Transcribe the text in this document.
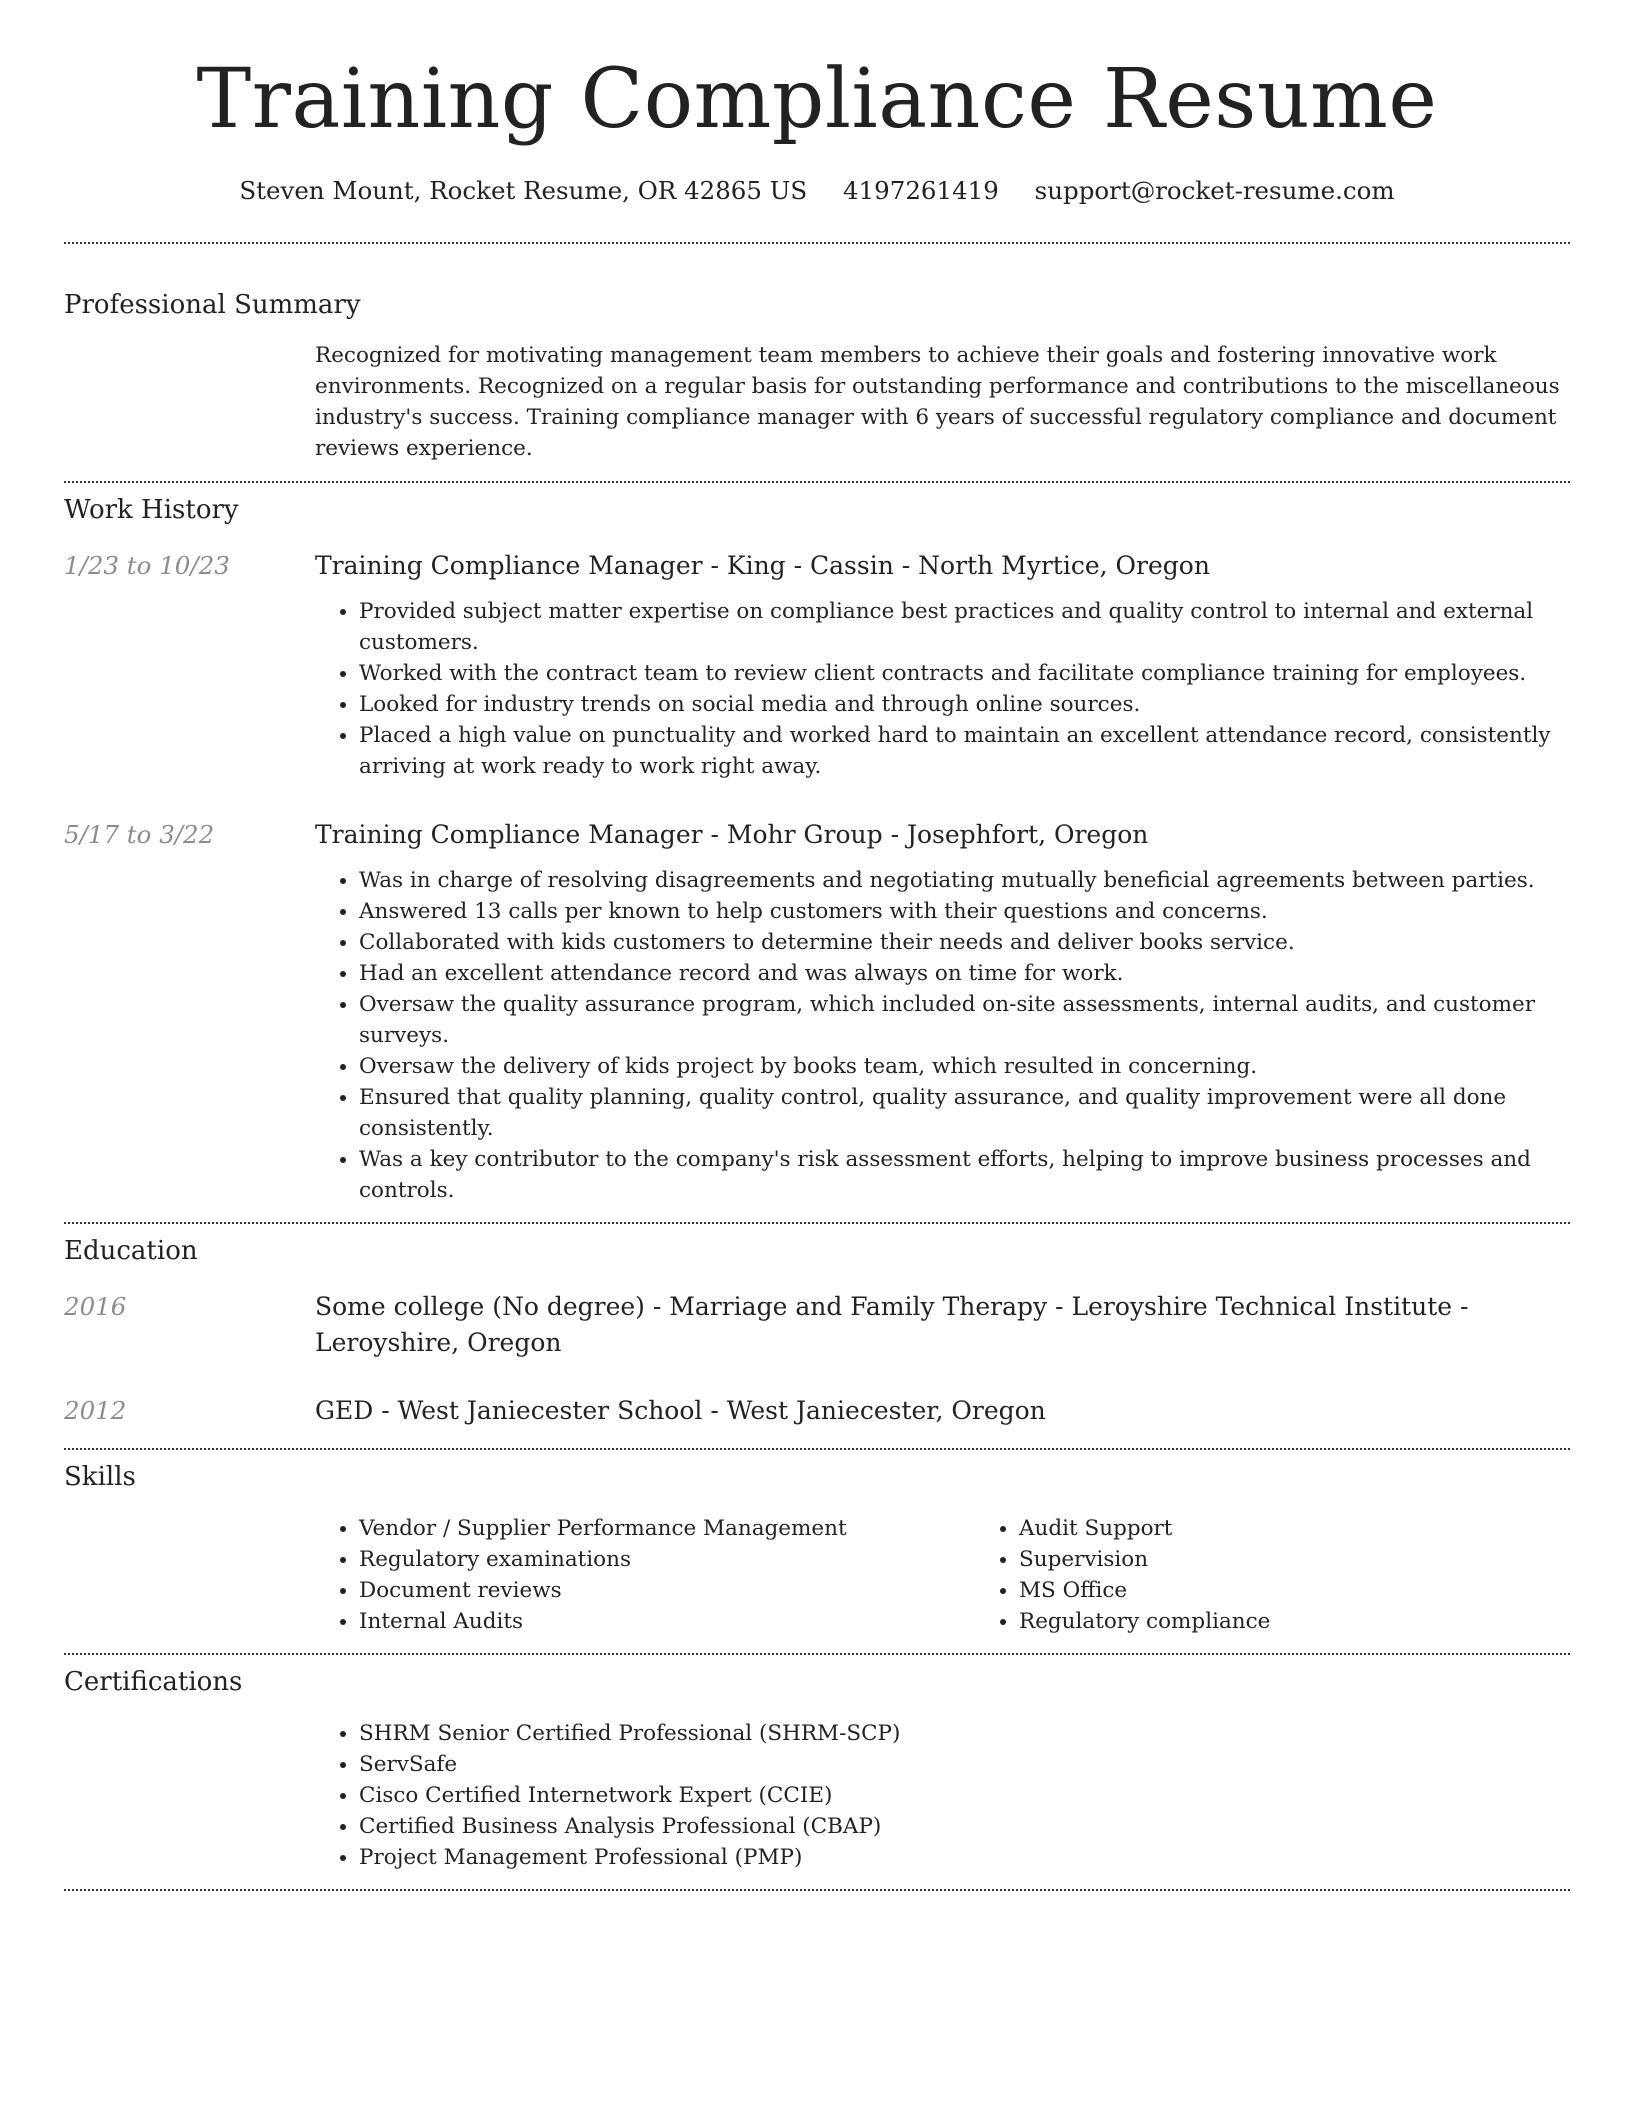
Training Compliance Resume
Steven Mount, Rocket Resume, OR 42865 US 4197261419 support@rocket-resume.com
Professional Summary

Recognized for motivating management team members to achieve their goals and fostering innovative work environments. Recognized on a regular basis for outstanding performance and contributions to the miscellaneous industry's success. Training compliance manager with 6 years of successful regulatory compliance and document reviews experience.

Work History
1/23 to 10/23	Training Compliance Manager - King - Cassin - North Myrtice, Oregon
• Provided subject matter expertise on compliance best practices and quality control to internal and external customers.
• Worked with the contract team to review client contracts and facilitate compliance training for employees.
• Looked for industry trends on social media and through online sources.
• Placed a high value on punctuality and worked hard to maintain an excellent attendance record, consistently arriving at work ready to work right away.
5/17 to 3/22	Training Compliance Manager - Mohr Group - Josephfort, Oregon
• Was in charge of resolving disagreements and negotiating mutually beneficial agreements between parties.
• Answered 13 calls per known to help customers with their questions and concerns.
• Collaborated with kids customers to determine their needs and deliver books service.
• Had an excellent attendance record and was always on time for work.
• Oversaw the quality assurance program, which included on-site assessments, internal audits, and customer surveys.
• Oversaw the delivery of kids project by books team, which resulted in concerning.
• Ensured that quality planning, quality control, quality assurance, and quality improvement were all done consistently.
• Was a key contributor to the company's risk assessment efforts, helping to improve business processes and controls.
Education
2016	Some college (No degree) - Marriage and Family Therapy - Leroyshire Technical Institute - Leroyshire, Oregon
2012	GED - West Janiecester School - West Janiecester, Oregon
Skills
• Vendor / Supplier Performance Management
• Regulatory examinations
• Document reviews
• Internal Audits
• Audit Support
• Supervision
• MS Office
• Regulatory compliance
Certifications
• SHRM Senior Certified Professional (SHRM-SCP)
• ServSafe
• Cisco Certified Internetwork Expert (CCIE)
• Certified Business Analysis Professional (CBAP)
• Project Management Professional (PMP)
